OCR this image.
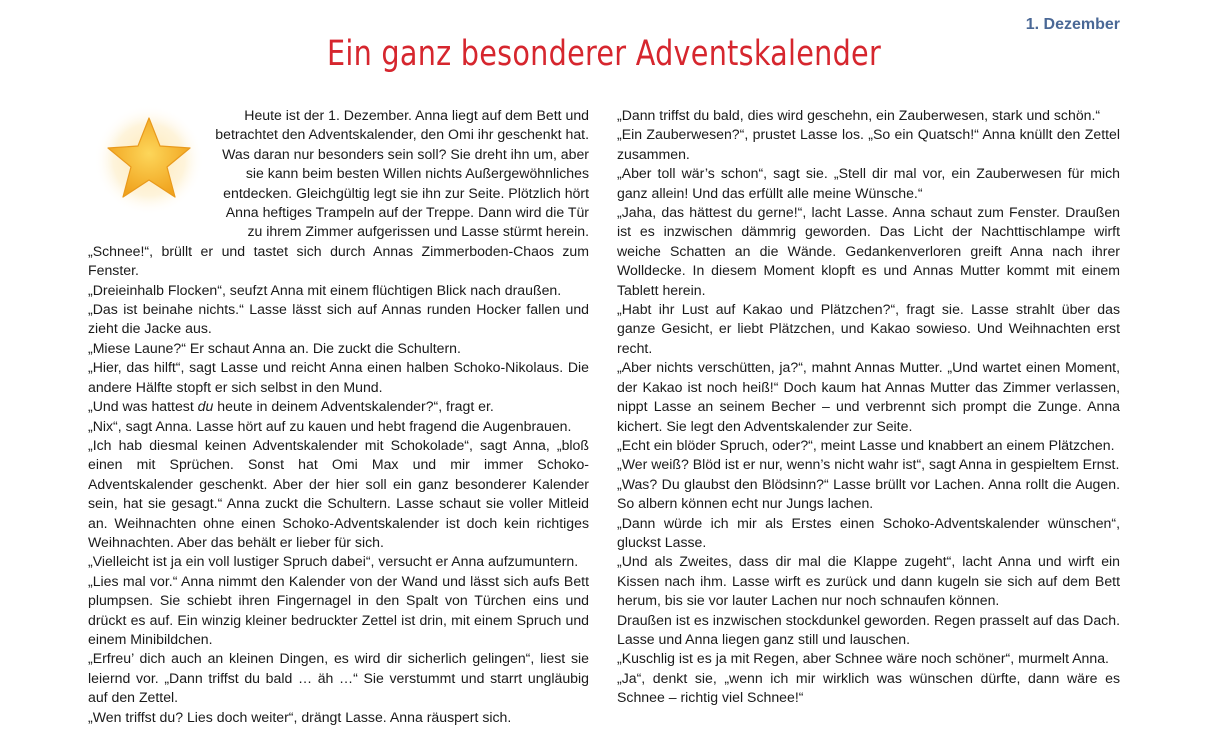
1. Dezember
Ein ganz besonderer Adventskalender

Heute ist der 1. Dezember. Anna liegt auf dem Bett und betrachtet den Adventskalender, den Omi ihr geschenkt hat. Was daran nur besonders sein soll? Sie dreht ihn um, aber sie kann beim besten Willen nichts Außergewöhnliches entdecken. Gleichgültig legt sie ihn zur Seite. Plötzlich hört Anna heftiges Trampeln auf der Treppe. Dann wird die Tür zu ihrem Zimmer aufgerissen und Lasse stürmt herein.

„Schnee!“, brüllt er und tastet sich durch Annas Zimmerboden-Chaos zum Fenster.

„Dreieinhalb Flocken“, seufzt Anna mit einem flüchtigen Blick nach draußen.

„Das ist beinahe nichts.“ Lasse lässt sich auf Annas runden Hocker fallen und zieht die Jacke aus.

„Miese Laune?“ Er schaut Anna an. Die zuckt die Schultern.

„Hier, das hilft“, sagt Lasse und reicht Anna einen halben Schoko-Nikolaus. Die andere Hälfte stopft er sich selbst in den Mund.

„Und was hattest du heute in deinem Adventskalender?“, fragt er.

„Nix“, sagt Anna. Lasse hört auf zu kauen und hebt fragend die Augenbrauen.

„Ich hab diesmal keinen Adventskalender mit Schokolade“, sagt Anna, „bloß einen mit Sprüchen. Sonst hat Omi Max und mir immer Schoko-Adventskalender geschenkt. Aber der hier soll ein ganz besonderer Kalender sein, hat sie gesagt.“ Anna zuckt die Schultern. Lasse schaut sie voller Mitleid an. Weihnachten ohne einen Schoko-Adventskalender ist doch kein richtiges Weihnachten. Aber das behält er lieber für sich.

„Vielleicht ist ja ein voll lustiger Spruch dabei“, versucht er Anna aufzumuntern.

„Lies mal vor.“ Anna nimmt den Kalender von der Wand und lässt sich aufs Bett plumpsen. Sie schiebt ihren Fingernagel in den Spalt von Türchen eins und drückt es auf. Ein winzig kleiner bedruckter Zettel ist drin, mit einem Spruch und einem Minibildchen.

„Erfreu’ dich auch an kleinen Dingen, es wird dir sicherlich gelingen“, liest sie leiernd vor. „Dann triffst du bald … äh …“ Sie verstummt und starrt ungläubig auf den Zettel.

„Wen triffst du? Lies doch weiter“, drängt Lasse. Anna räuspert sich.

„Dann triffst du bald, dies wird geschehn, ein Zauberwesen, stark und schön.“

„Ein Zauberwesen?“, prustet Lasse los. „So ein Quatsch!“ Anna knüllt den Zettel zusammen.

„Aber toll wär’s schon“, sagt sie. „Stell dir mal vor, ein Zauberwesen für mich ganz allein! Und das erfüllt alle meine Wünsche.“

„Jaha, das hättest du gerne!“, lacht Lasse. Anna schaut zum Fenster. Draußen ist es inzwischen dämmrig geworden. Das Licht der Nachttischlampe wirft weiche Schatten an die Wände. Gedankenverloren greift Anna nach ihrer Wolldecke. In diesem Moment klopft es und Annas Mutter kommt mit einem Tablett herein.

„Habt ihr Lust auf Kakao und Plätzchen?“, fragt sie. Lasse strahlt über das ganze Gesicht, er liebt Plätzchen, und Kakao sowieso. Und Weihnachten erst recht.

„Aber nichts verschütten, ja?“, mahnt Annas Mutter. „Und wartet einen Moment, der Kakao ist noch heiß!“ Doch kaum hat Annas Mutter das Zimmer verlassen, nippt Lasse an seinem Becher – und verbrennt sich prompt die Zunge. Anna kichert. Sie legt den Adventskalender zur Seite.

„Echt ein blöder Spruch, oder?“, meint Lasse und knabbert an einem Plätzchen.

„Wer weiß? Blöd ist er nur, wenn’s nicht wahr ist“, sagt Anna in gespieltem Ernst.

„Was? Du glaubst den Blödsinn?“ Lasse brüllt vor Lachen. Anna rollt die Augen. So albern können echt nur Jungs lachen.

„Dann würde ich mir als Erstes einen Schoko-Adventskalender wünschen“, gluckst Lasse.

„Und als Zweites, dass dir mal die Klappe zugeht“, lacht Anna und wirft ein Kissen nach ihm. Lasse wirft es zurück und dann kugeln sie sich auf dem Bett herum, bis sie vor lauter Lachen nur noch schnaufen können.

Draußen ist es inzwischen stockdunkel geworden. Regen prasselt auf das Dach. Lasse und Anna liegen ganz still und lauschen.

„Kuschlig ist es ja mit Regen, aber Schnee wäre noch schöner“, murmelt Anna.

„Ja“, denkt sie, „wenn ich mir wirklich was wünschen dürfte, dann wäre es Schnee – richtig viel Schnee!“
